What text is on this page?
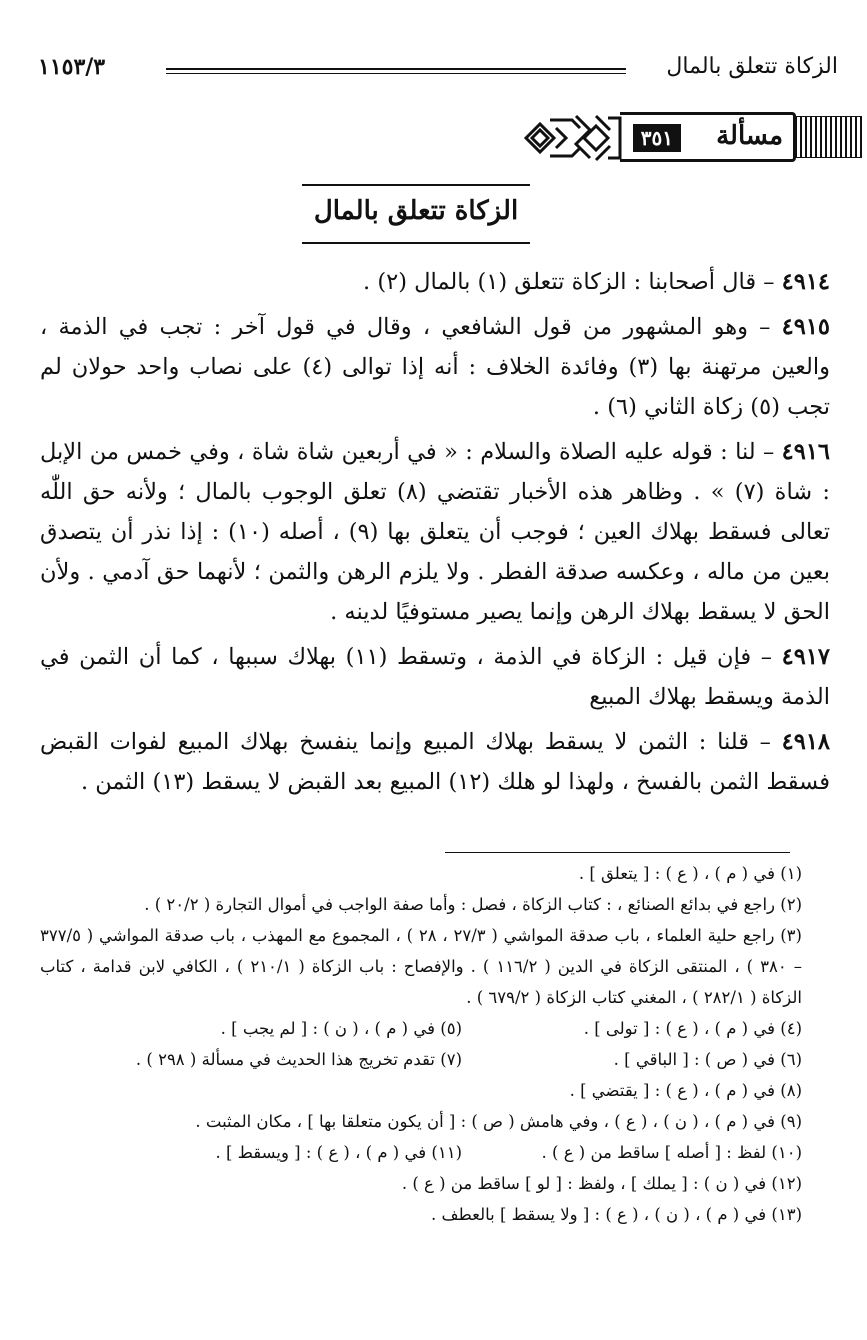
الزكاة تتعلق بالمال
١١٥٣/٣
مسألة
٣٥١
الزكاة تتعلق بالمال

٤٩١٤ – قال أصحابنا : الزكاة تتعلق (١) بالمال (٢) .

٤٩١٥ – وهو المشهور من قول الشافعي ، وقال في قول آخر : تجب في الذمة ، والعين مرتهنة بها (٣) وفائدة الخلاف : أنه إذا توالى (٤) على نصاب واحد حولان لم تجب (٥) زكاة الثاني (٦) .

٤٩١٦ – لنا : قوله عليه الصلاة والسلام : « في أربعين شاة شاة ، وفي خمس من الإبل : شاة (٧) » . وظاهر هذه الأخبار تقتضي (٨) تعلق الوجوب بالمال ؛ ولأنه حق اللّٰه تعالى فسقط بهلاك العين ؛ فوجب أن يتعلق بها (٩) ، أصله (١٠) : إذا نذر أن يتصدق بعين من ماله ، وعكسه صدقة الفطر . ولا يلزم الرهن والثمن ؛ لأنهما حق آدمي . ولأن الحق لا يسقط بهلاك الرهن وإنما يصير مستوفيًا لدينه .

٤٩١٧ – فإن قيل : الزكاة في الذمة ، وتسقط (١١) بهلاك سببها ، كما أن الثمن في الذمة ويسقط بهلاك المبيع

٤٩١٨ – قلنا : الثمن لا يسقط بهلاك المبيع وإنما ينفسخ بهلاك المبيع لفوات القبض فسقط الثمن بالفسخ ، ولهذا لو هلك (١٢) المبيع بعد القبض لا يسقط (١٣) الثمن .

(١) في ( م ) ، ( ع ) : [ يتعلق ] .

(٢) راجع في بدائع الصنائع ، : كتاب الزكاة ، فصل : وأما صفة الواجب في أموال التجارة ( ٢٠/٢ ) .

(٣) راجع حلية العلماء ، باب صدقة المواشي ( ٢٧/٣ ، ٢٨ ) ، المجموع مع المهذب ، باب صدقة المواشي ( ٣٧٧/٥ – ٣٨٠ ) ، المنتقى الزكاة في الدين ( ١١٦/٢ ) . والإفصاح : باب الزكاة ( ٢١٠/١ ) ، الكافي لابن قدامة ، كتاب الزكاة ( ٢٨٢/١ ) ، المغني كتاب الزكاة ( ٦٧٩/٢ ) .

(٤) في ( م ) ، ( ع ) : [ تولى ] .
(٥) في ( م ) ، ( ن ) : [ لم يجب ] .
(٦) في ( ص ) : [ الباقي ] .
(٧) تقدم تخريج هذا الحديث في مسألة ( ٢٩٨ ) .

(٨) في ( م ) ، ( ع ) : [ يقتضي ] .

(٩) في ( م ) ، ( ن ) ، ( ع ) ، وفي هامش ( ص ) : [ أن يكون متعلقا بها ] ، مكان المثبت .

(١٠) لفظ : [ أصله ] ساقط من ( ع ) .
(١١) في ( م ) ، ( ع ) : [ ويسقط ] .

(١٢) في ( ن ) : [ يملك ] ، ولفظ : [ لو ] ساقط من ( ع ) .

(١٣) في ( م ) ، ( ن ) ، ( ع ) : [ ولا يسقط ] بالعطف .
